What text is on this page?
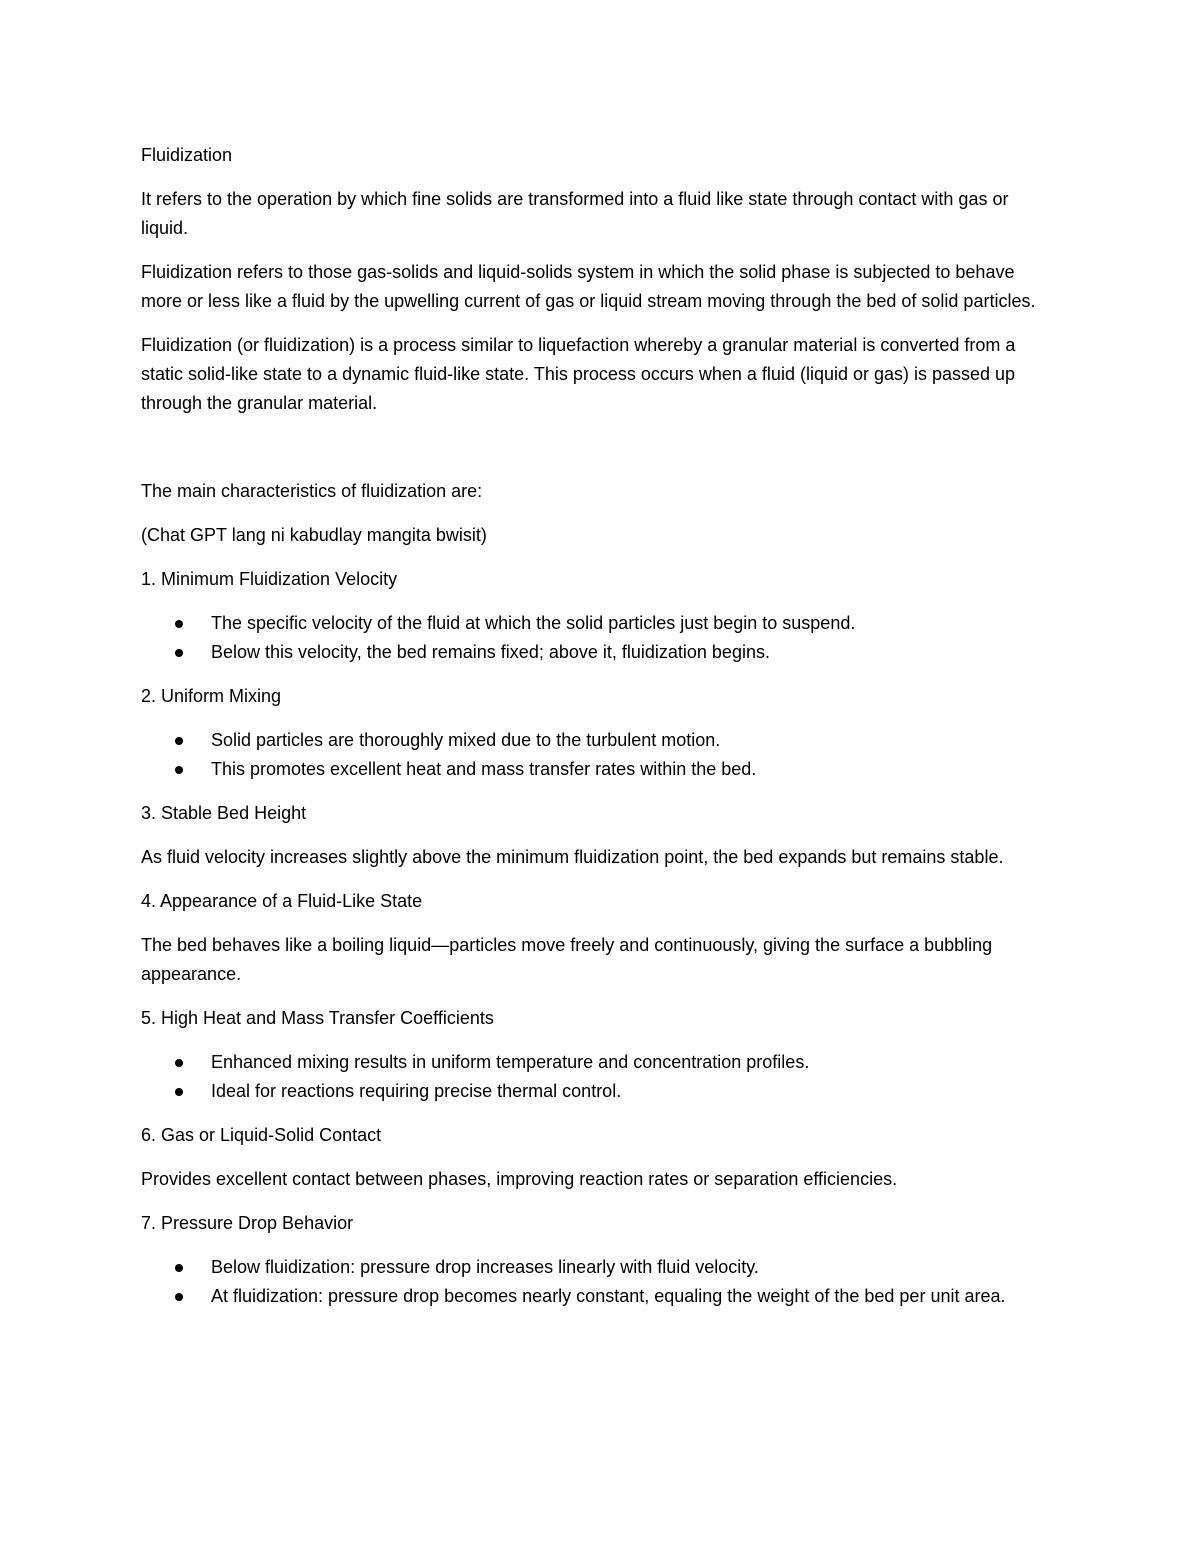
Fluidization

It refers to the operation by which fine solids are transformed into a fluid like state through contact with gas or liquid.

Fluidization refers to those gas-solids and liquid-solids system in which the solid phase is subjected to behave more or less like a fluid by the upwelling current of gas or liquid stream moving through the bed of solid particles.

Fluidization (or fluidization) is a process similar to liquefaction whereby a granular material is converted from a static solid-like state to a dynamic fluid-like state. This process occurs when a fluid (liquid or gas) is passed up through the granular material.

The main characteristics of fluidization are:

(Chat GPT lang ni kabudlay mangita bwisit)

1. Minimum Fluidization Velocity

The specific velocity of the fluid at which the solid particles just begin to suspend.
Below this velocity, the bed remains fixed; above it, fluidization begins.

2. Uniform Mixing

Solid particles are thoroughly mixed due to the turbulent motion.
This promotes excellent heat and mass transfer rates within the bed.

3. Stable Bed Height

As fluid velocity increases slightly above the minimum fluidization point, the bed expands but remains stable.

4. Appearance of a Fluid-Like State

The bed behaves like a boiling liquid—particles move freely and continuously, giving the surface a bubbling appearance.

5. High Heat and Mass Transfer Coefficients

Enhanced mixing results in uniform temperature and concentration profiles.
Ideal for reactions requiring precise thermal control.

6. Gas or Liquid-Solid Contact

Provides excellent contact between phases, improving reaction rates or separation efficiencies.

7. Pressure Drop Behavior

Below fluidization: pressure drop increases linearly with fluid velocity.
At fluidization: pressure drop becomes nearly constant, equaling the weight of the bed per unit area.
